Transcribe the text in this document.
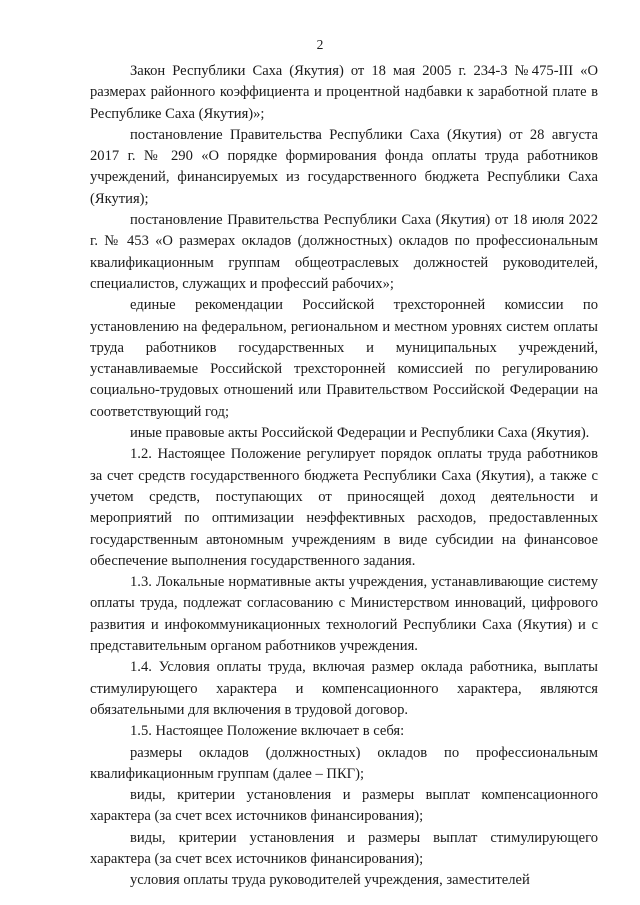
2

Закон Республики Саха (Якутия) от 18 мая 2005 г. 234-З №475-III «О размерах районного коэффициента и процентной надбавки к заработной плате в Республике Саха (Якутия)»;

постановление Правительства Республики Саха (Якутия) от 28 августа 2017 г. № 290 «О порядке формирования фонда оплаты труда работников учреждений, финансируемых из государственного бюджета Республики Саха (Якутия);

постановление Правительства Республики Саха (Якутия) от 18 июля 2022 г. № 453 «О размерах окладов (должностных) окладов по профессиональным квалификационным группам общеотраслевых должностей руководителей, специалистов, служащих и профессий рабочих»;

единые рекомендации Российской трехсторонней комиссии по установлению на федеральном, региональном и местном уровнях систем оплаты труда работников государственных и муниципальных учреждений, устанавливаемые Российской трехсторонней комиссией по регулированию социально-трудовых отношений или Правительством Российской Федерации на соответствующий год;

иные правовые акты Российской Федерации и Республики Саха (Якутия).

1.2. Настоящее Положение регулирует порядок оплаты труда работников за счет средств государственного бюджета Республики Саха (Якутия), а также с учетом средств, поступающих от приносящей доход деятельности и мероприятий по оптимизации неэффективных расходов, предоставленных государственным автономным учреждениям в виде субсидии на финансовое обеспечение выполнения государственного задания.

1.3. Локальные нормативные акты учреждения, устанавливающие систему оплаты труда, подлежат согласованию с Министерством инноваций, цифрового развития и инфокоммуникационных технологий Республики Саха (Якутия) и с представительным органом работников учреждения.

1.4. Условия оплаты труда, включая размер оклада работника, выплаты стимулирующего характера и компенсационного характера, являются обязательными для включения в трудовой договор.

1.5. Настоящее Положение включает в себя:

размеры окладов (должностных) окладов по профессиональным квалификационным группам (далее – ПКГ);

виды, критерии установления и размеры выплат компенсационного характера (за счет всех источников финансирования);

виды, критерии установления и размеры выплат стимулирующего характера (за счет всех источников финансирования);

условия оплаты труда руководителей учреждения, заместителей
